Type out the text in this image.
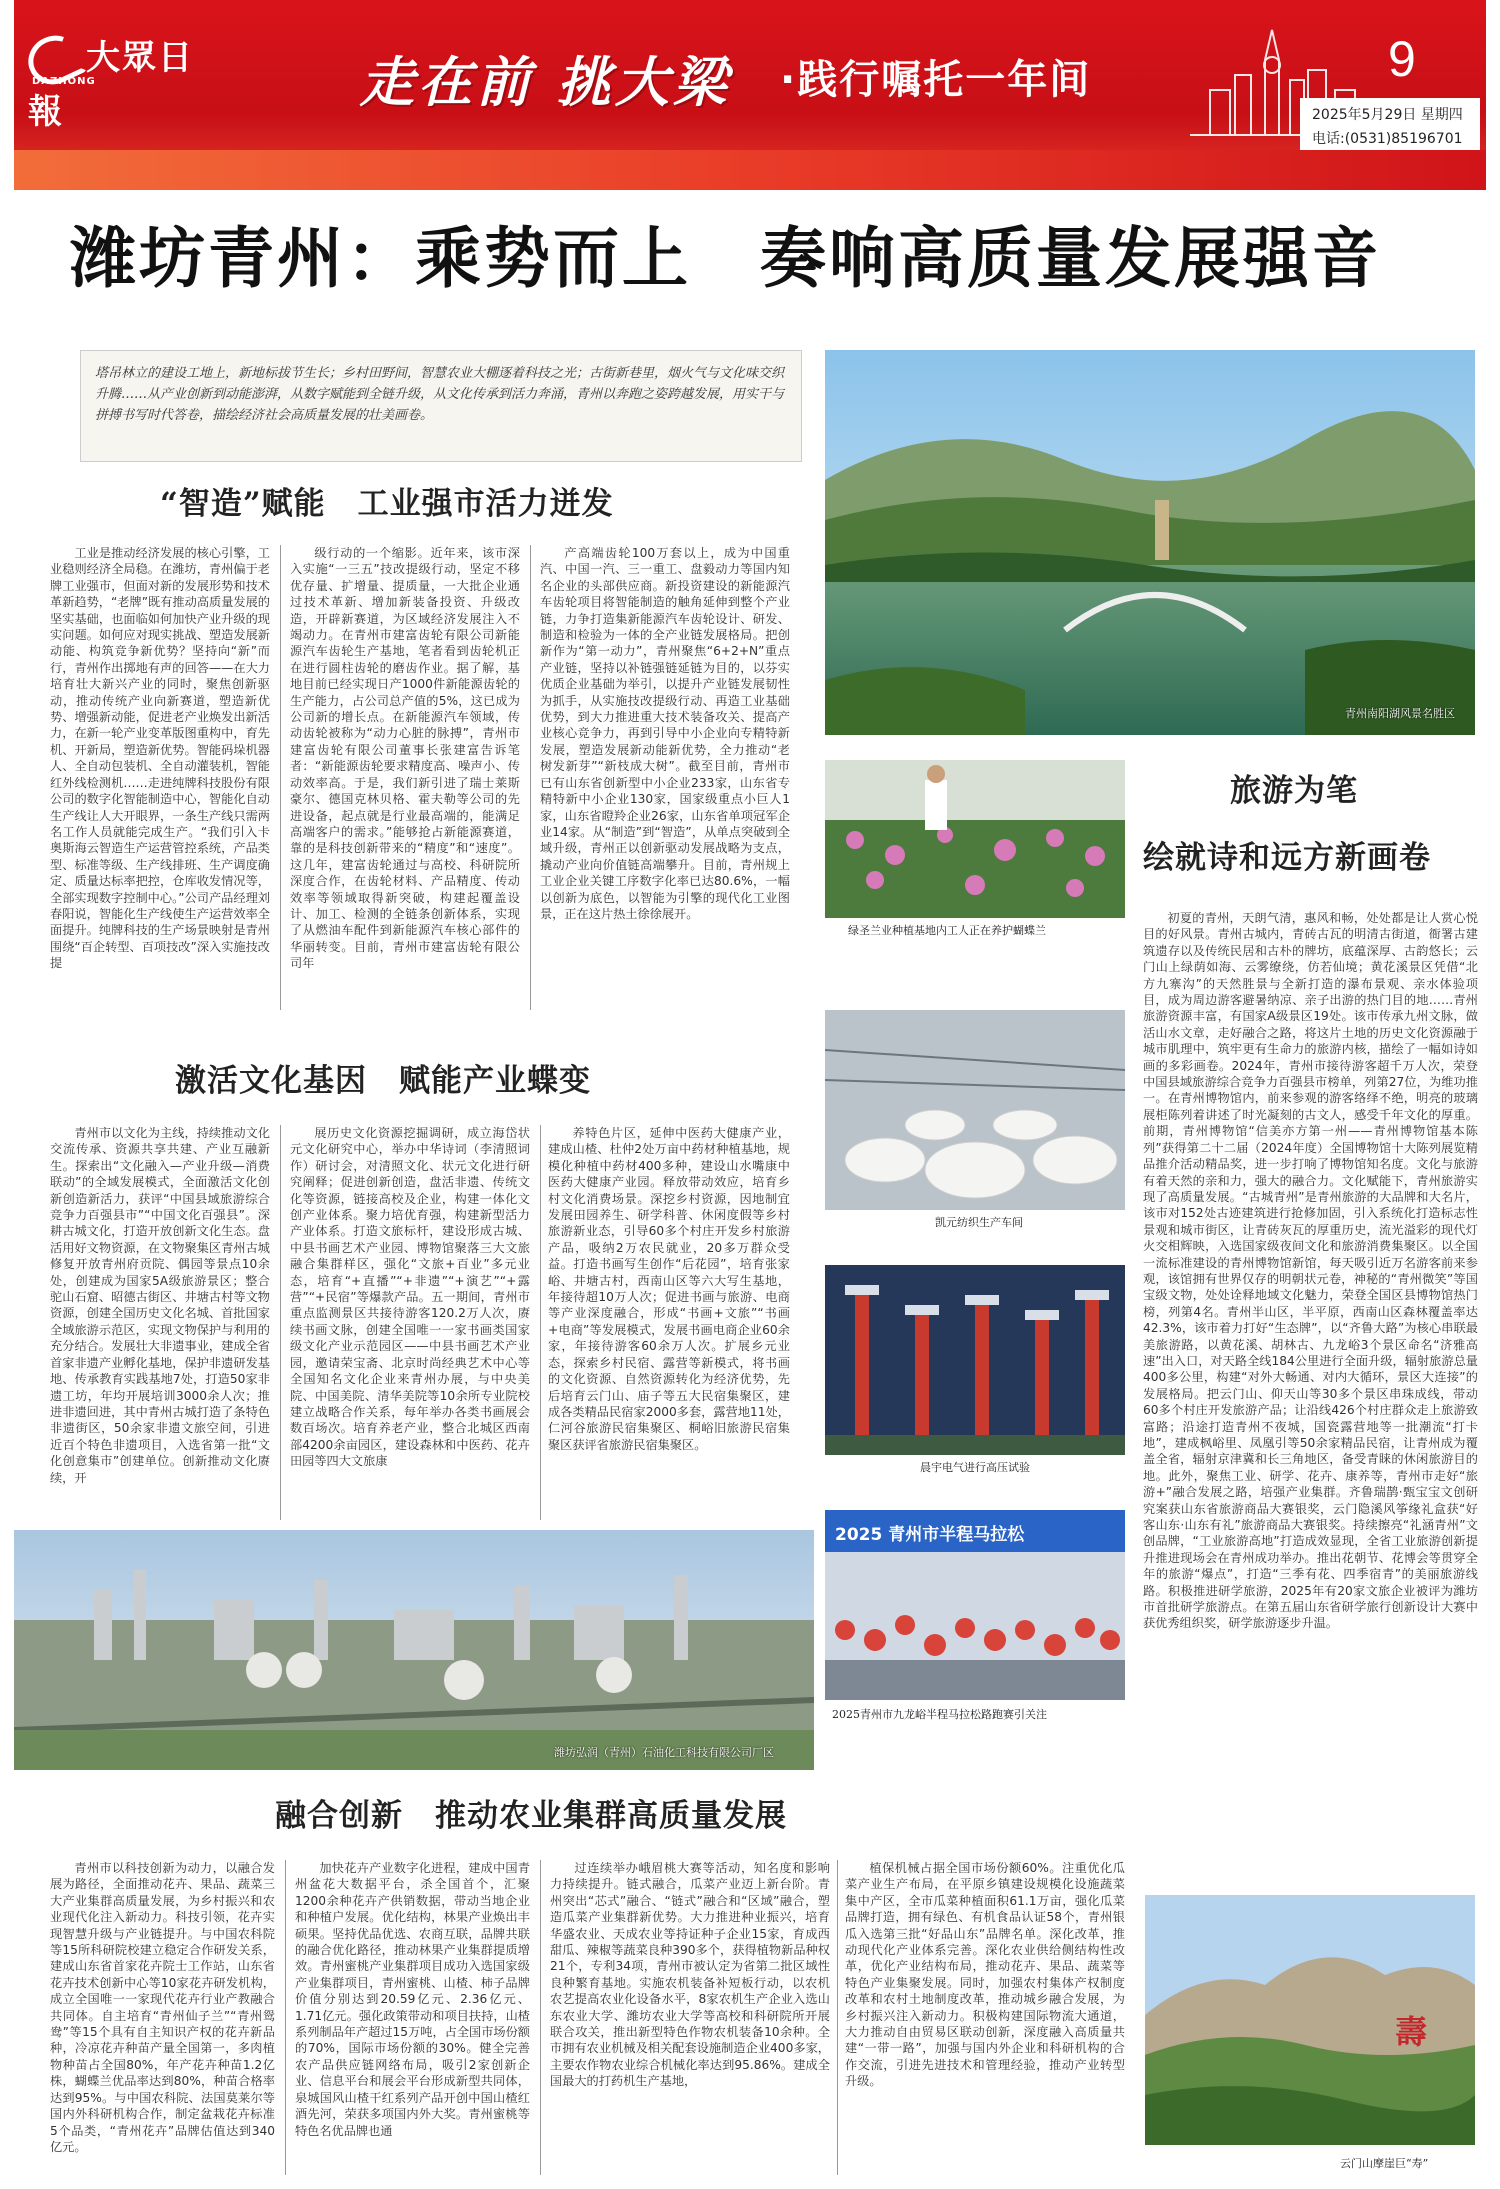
大眾日報
DAZHONG	走在前 挑大梁 ·践行嘱托一年间	9
2025年5月29日 星期四
电话:(0531)85196701
潍坊青州：乘势而上　奏响高质量发展强音

塔吊林立的建设工地上，新地标拔节生长；乡村田野间，智慧农业大棚逐着科技之光；古街新巷里，烟火气与文化味交织升腾……从产业创新到动能澎湃，从数字赋能到全链升级，从文化传承到活力奔涌，青州以奔跑之姿跨越发展，用实干与拼搏书写时代答卷，描绘经济社会高质量发展的壮美画卷。

“智造”赋能　工业强市活力迸发

工业是推动经济发展的核心引擎，工业稳则经济全局稳。在潍坊，青州偏于老牌工业强市，但面对新的发展形势和技术革新趋势，“老牌”既有推动高质量发展的坚实基础，也面临如何加快产业升级的现实问题。如何应对现实挑战、塑造发展新动能、构筑竞争新优势？坚持向“新”而行，青州作出掷地有声的回答——在大力培育壮大新兴产业的同时，聚焦创新驱动，推动传统产业向新赛道，塑造新优势、增强新动能，促进老产业焕发出新活力，在新一轮产业变革版图重构中，育先机、开新局，塑造新优势。智能码垛机器人、全自动包装机、全自动灌装机，智能红外线检测机……走进纯牌科技股份有限公司的数字化智能制造中心，智能化自动生产线让人大开眼界，一条生产线只需两名工作人员就能完成生产。“我们引入卡奥斯海云智造生产运营管控系统，产品类型、标准等级、生产线排班、生产调度确定、质量达标率把控，仓库收发情况等，全部实现数字控制中心。”公司产品经理刘春阳说，智能化生产线使生产运营效率全面提升。纯牌科技的生产场景映射是青州围绕“百企转型、百项技改”深入实施技改提

级行动的一个缩影。近年来，该市深入实施“一三五”技改提级行动，坚定不移优存量、扩增量、提质量，一大批企业通过技术革新、增加新装备投资、升级改造，开辟新赛道，为区域经济发展注入不竭动力。在青州市建富齿轮有限公司新能源汽车齿轮生产基地，笔者看到齿轮机正在进行圆柱齿轮的磨齿作业。据了解，基地目前已经实现日产1000件新能源齿轮的生产能力，占公司总产值的5%，这已成为公司新的增长点。在新能源汽车领域，传动齿轮被称为“动力心脏的脉搏”，青州市建富齿轮有限公司董事长张建富告诉笔者：“新能源齿轮要求精度高、噪声小、传动效率高。于是，我们新引进了瑞士莱斯豪尔、德国克林贝格、霍夫勒等公司的先进设备，起点就是行业最高端的，能满足高端客户的需求。”能够抢占新能源赛道，靠的是科技创新带来的“精度”和“速度”。这几年，建富齿轮通过与高校、科研院所深度合作，在齿轮材料、产品精度、传动效率等领域取得新突破，构建起覆盖设计、加工、检测的全链条创新体系，实现了从燃油车配件到新能源汽车核心部件的华丽转变。目前，青州市建富齿轮有限公司年

产高端齿轮100万套以上，成为中国重汽、中国一汽、三一重工、盘毅动力等国内知名企业的头部供应商。新投资建设的新能源汽车齿轮项目将智能制造的触角延伸到整个产业链，力争打造集新能源汽车齿轮设计、研发、制造和检验为一体的全产业链发展格局。把创新作为“第一动力”，青州聚焦“6+2+N”重点产业链，坚持以补链强链延链为目的，以芬实优质企业基础为举引，以提升产业链发展韧性为抓手，从实施技改提级行动、再造工业基础优势，到大力推进重大技术装备攻关、提高产业核心竞争力，再到引导中小企业向专精特新发展，塑造发展新动能新优势，全力推动“老树发新芽”“新枝成大树”。截至目前，青州市已有山东省创新型中小企业233家，山东省专精特新中小企业130家，国家级重点小巨人1家，山东省瞪羚企业26家，山东省单项冠军企业14家。从“制造”到“智造”，从单点突破到全域升级，青州正以创新驱动发展战略为支点，撬动产业向价值链高端攀升。目前，青州规上工业企业关键工序数字化率已达80.6%，一幅以创新为底色，以智能为引擎的现代化工业图景，正在这片热土徐徐展开。

激活文化基因　赋能产业蝶变

青州市以文化为主线，持续推动文化交流传承、资源共享共建、产业互融新生。探索出“文化融入—产业升级—消费联动”的全域发展模式，全面激活文化创新创造新活力，获评“中国县域旅游综合竞争力百强县市”“中国文化百强县”。深耕古城文化，打造开放创新文化生态。盘活用好文物资源，在文物聚集区青州古城修复开放青州府贡院、偶园等景点10余处，创建成为国家5A级旅游景区；整合驼山石窟、昭德古街区、井塘古村等文物资源，创建全国历史文化名城、首批国家全域旅游示范区，实现文物保护与利用的充分结合。发展壮大非遗事业，建成全省首家非遗产业孵化基地，保护非遗研发基地、传承教育实践基地7处，打造50家非遗工坊，年均开展培训3000余人次；推进非遗回进，其中青州古城打造了条特色非遗街区，50余家非遗文旅空间，引进近百个特色非遗项目，入选省第一批“文化创意集市”创建单位。创新推动文化赓续，开

展历史文化资源挖掘调研，成立海岱状元文化研究中心，举办中华诗词（李清照词作）研讨会，对清照文化、状元文化进行研究阐释；促进创新创造，盘活非遗、传统文化等资源，链接高校及企业，构建一体化文创产业体系。聚力培优育强，构建新型活力产业体系。打造文旅标杆，建设形成古城、中县书画艺术产业园、博物馆聚落三大文旅融合集群样区，强化“文旅+百业”多元业态，培育“+直播”“+非遗”“+演艺”“+露营”“+民宿”等爆款产品。五一期间，青州市重点监测景区共接待游客120.2万人次，赓续书画文脉，创建全国唯一一家书画类国家级文化产业示范园区——中县书画艺术产业园，邀请荣宝斋、北京时尚经典艺术中心等全国知名文化企业来青州办展，与中央美院、中国美院、清华美院等10余所专业院校建立战略合作关系，每年举办各类书画展会数百场次。培育养老产业，整合北城区西南部4200余亩园区，建设森林和中医药、花卉田园等四大文旅康

养特色片区，延伸中医药大健康产业，建成山楂、杜仲2处万亩中药材种植基地，规模化种植中药材400多种，建设山水嘴康中医药大健康产业园。释放带动效应，培育乡村文化消费场景。深挖乡村资源，因地制宜发展田园养生、研学科普、休闲度假等乡村旅游新业态，引导60多个村庄开发乡村旅游产品，吸纳2万农民就业，20多万群众受益。打造书画写生创作“后花园”，培育张家峪、井塘古村，西南山区等六大写生基地，年接待超10万人次；促进书画与旅游、电商等产业深度融合，形成“书画+文旅”“书画+电商”等发展模式，发展书画电商企业60余家，年接待游客60余万人次。扩展乡元业态，探索乡村民宿、露营等新模式，将书画的文化资源、自然资源转化为经济优势，先后培育云门山、庙子等五大民宿集聚区，建成各类精品民宿家2000多套，露营地11处，仁河谷旅游民宿集聚区、桐峪旧旅游民宿集聚区获评省旅游民宿集聚区。

青州南阳湖风景名胜区
旅游为笔
绘就诗和远方新画卷

初夏的青州，天朗气清，惠风和畅，处处都是让人赏心悦目的好风景。青州古城内，青砖古瓦的明清古街道，衙署古建筑遗存以及传统民居和古朴的牌坊，底蕴深厚、古韵悠长；云门山上绿荫如海、云雾缭绕，仿若仙境；黄花溪景区凭借“北方九寨沟”的天然胜景与全新打造的瀑布景观、亲水体验项目，成为周边游客避暑纳凉、亲子出游的热门目的地……青州旅游资源丰富，有国家A级景区19处。该市传承九州文脉，做活山水文章，走好融合之路，将这片土地的历史文化资源融于城市肌理中，筑牢更有生命力的旅游内核，描绘了一幅如诗如画的多彩画卷。2024年，青州市接待游客超千万人次，荣登中国县域旅游综合竞争力百强县市榜单，列第27位，为维功推一。在青州博物馆内，前来参观的游客络绎不绝，明亮的玻璃展柜陈列着讲述了时光凝刻的古文人，感受千年文化的厚重。前期，青州博物馆“信美亦方第一州——青州博物馆基本陈列”获得第二十二届（2024年度）全国博物馆十大陈列展览精品推介活动精品奖，进一步打响了博物馆知名度。文化与旅游有着天然的亲和力，强大的融合力。文化赋能下，青州旅游实现了高质量发展。“古城青州”是青州旅游的大品牌和大名片，该市对152处古迹建筑进行抢修加固，引入系统化打造标志性景观和城市街区，让青砖灰瓦的厚重历史，流光溢彩的现代灯火交相辉映，入选国家级夜间文化和旅游消费集聚区。以全国一流标准建设的青州博物馆新馆，每天吸引近万名游客前来参观，该馆拥有世界仅存的明朝状元卷，神秘的“青州微笑”等国宝级文物，处处诠释地域文化魅力，荣登全国区县博物馆热门榜，列第4名。青州半山区，半平原，西南山区森林覆盖率达42.3%，该市着力打好“生态牌”，以“齐鲁大路”为核心串联最美旅游路，以黄花溪、胡林古、九龙峪3个景区命名“济雅高速”出入口，对天路全线184公里进行全面升级，辐射旅游总量400多公里，构建“对外大畅通、对内大循环，景区大连接”的发展格局。把云门山、仰天山等30多个景区串珠成线，带动60多个村庄开发旅游产品；让沿线426个村庄群众走上旅游致富路；沿途打造青州不夜城，国瓷露营地等一批潮流“打卡地”，建成枫峪里、凤凰引等50余家精品民宿，让青州成为覆盖全省，辐射京津冀和长三角地区，备受青睐的休闲旅游目的地。此外，聚焦工业、研学、花卉、康养等，青州市走好“旅游+”融合发展之路，培强产业集群。齐鲁瑞鹊·甄宝宝文创研究案获山东省旅游商品大赛银奖，云门隐溪风筝缘礼盒获“好客山东·山东有礼”旅游商品大赛银奖。持续擦亮“礼涵青州”文创品牌，“工业旅游高地”打造成效显现，全省工业旅游创新提升推进现场会在青州成功举办。推出花朝节、花博会等贯穿全年的旅游“爆点”，打造“三季有花、四季宿青”的美丽旅游线路。积极推进研学旅游，2025年有20家文旅企业被评为潍坊市首批研学旅游点。在第五届山东省研学旅行创新设计大赛中获优秀组织奖，研学旅游逐步升温。

绿圣兰业种植基地内工人正在养护蝴蝶兰
凯元纺织生产车间
晨宇电气进行高压试验
2025 青州市半程马拉松
2025青州市九龙峪半程马拉松路跑赛引关注
潍坊弘润（青州）石油化工科技有限公司厂区
融合创新　推动农业集群高质量发展

青州市以科技创新为动力，以融合发展为路径，全面推动花卉、果品、蔬菜三大产业集群高质量发展，为乡村振兴和农业现代化注入新动力。科技引领，花卉实现智慧升级与产业链提升。与中国农科院等15所科研院校建立稳定合作研发关系，建成山东省首家花卉院士工作站，山东省花卉技术创新中心等10家花卉研发机构，成立全国唯一一家现代花卉行业产教融合共同体。自主培育“青州仙子兰”“青州鸳鸯”等15个具有自主知识产权的花卉新品种，冷凉花卉种苗产量全国第一，多肉植物种苗占全国80%，年产花卉种苗1.2亿株，蝴蝶兰优品率达到80%，种苗合格率达到95%。与中国农科院、法国莫莱尔等国内外科研机构合作，制定盆栽花卉标准5个品类，“青州花卉”品牌估值达到340亿元。

加快花卉产业数字化进程，建成中国青州盆花大数据平台，杀全国首个，汇聚1200余种花卉产供销数据，带动当地企业和种植户发展。优化结构，林果产业焕出丰硕果。坚持优品优选、农商互联，品牌共联的融合优化路径，推动林果产业集群提质增效。青州蜜桃产业集群项目成功入选国家级产业集群项目，青州蜜桃、山楂、柿子品牌价值分别达到20.59亿元、2.36亿元、1.71亿元。强化政策带动和项目扶持，山楂系列制品年产超过15万吨，占全国市场份额的70%，国际市场份额的30%。健全完善农产品供应链网络布局，吸引2家创新企业、信息平台和展会平台形成新型共同体，泉城国风山楂干红系列产品开创中国山楂红酒先河，荣获多项国内外大奖。青州蜜桃等特色名优品牌也通

过连续举办峨眉桃大赛等活动，知名度和影响力持续提升。链式融合，瓜菜产业迈上新台阶。青州突出“芯式”融合、“链式”融合和“区域”融合，塑造瓜菜产业集群新优势。大力推进种业振兴，培育华盛农业、天成农业等持证种子企业15家，育成西甜瓜、辣椒等蔬菜良种390多个，获得植物新品种权21个，专利34项，青州市被认定为省第二批区域性良种繁育基地。实施农机装备补短板行动，以农机农艺提高农业化设备水平，8家农机生产企业入选山东农业大学、潍坊农业大学等高校和科研院所开展联合攻关，推出新型特色作物农机装备10余种。全市拥有农业机械及相关配套设施制造企业400多家，主要农作物农业综合机械化率达到95.86%。建成全国最大的打药机生产基地，

植保机械占据全国市场份额60%。注重优化瓜菜产业生产布局，在平原乡镇建设规模化设施蔬菜集中产区，全市瓜菜种植面积61.1万亩，强化瓜菜品牌打造，拥有绿色、有机食品认证58个，青州银瓜入选第三批“好品山东”品牌名单。深化改革，推动现代化产业体系完善。深化农业供给侧结构性改革，优化产业结构布局，推动花卉、果品、蔬菜等特色产业集聚发展。同时，加强农村集体产权制度改革和农村土地制度改革，推动城乡融合发展，为乡村振兴注入新动力。积极构建国际物流大通道，大力推动自由贸易区联动创新，深度融入高质量共建“一带一路”，加强与国内外企业和科研机构的合作交流，引进先进技术和管理经验，推动产业转型升级。

壽
云门山摩崖巨“寿”
